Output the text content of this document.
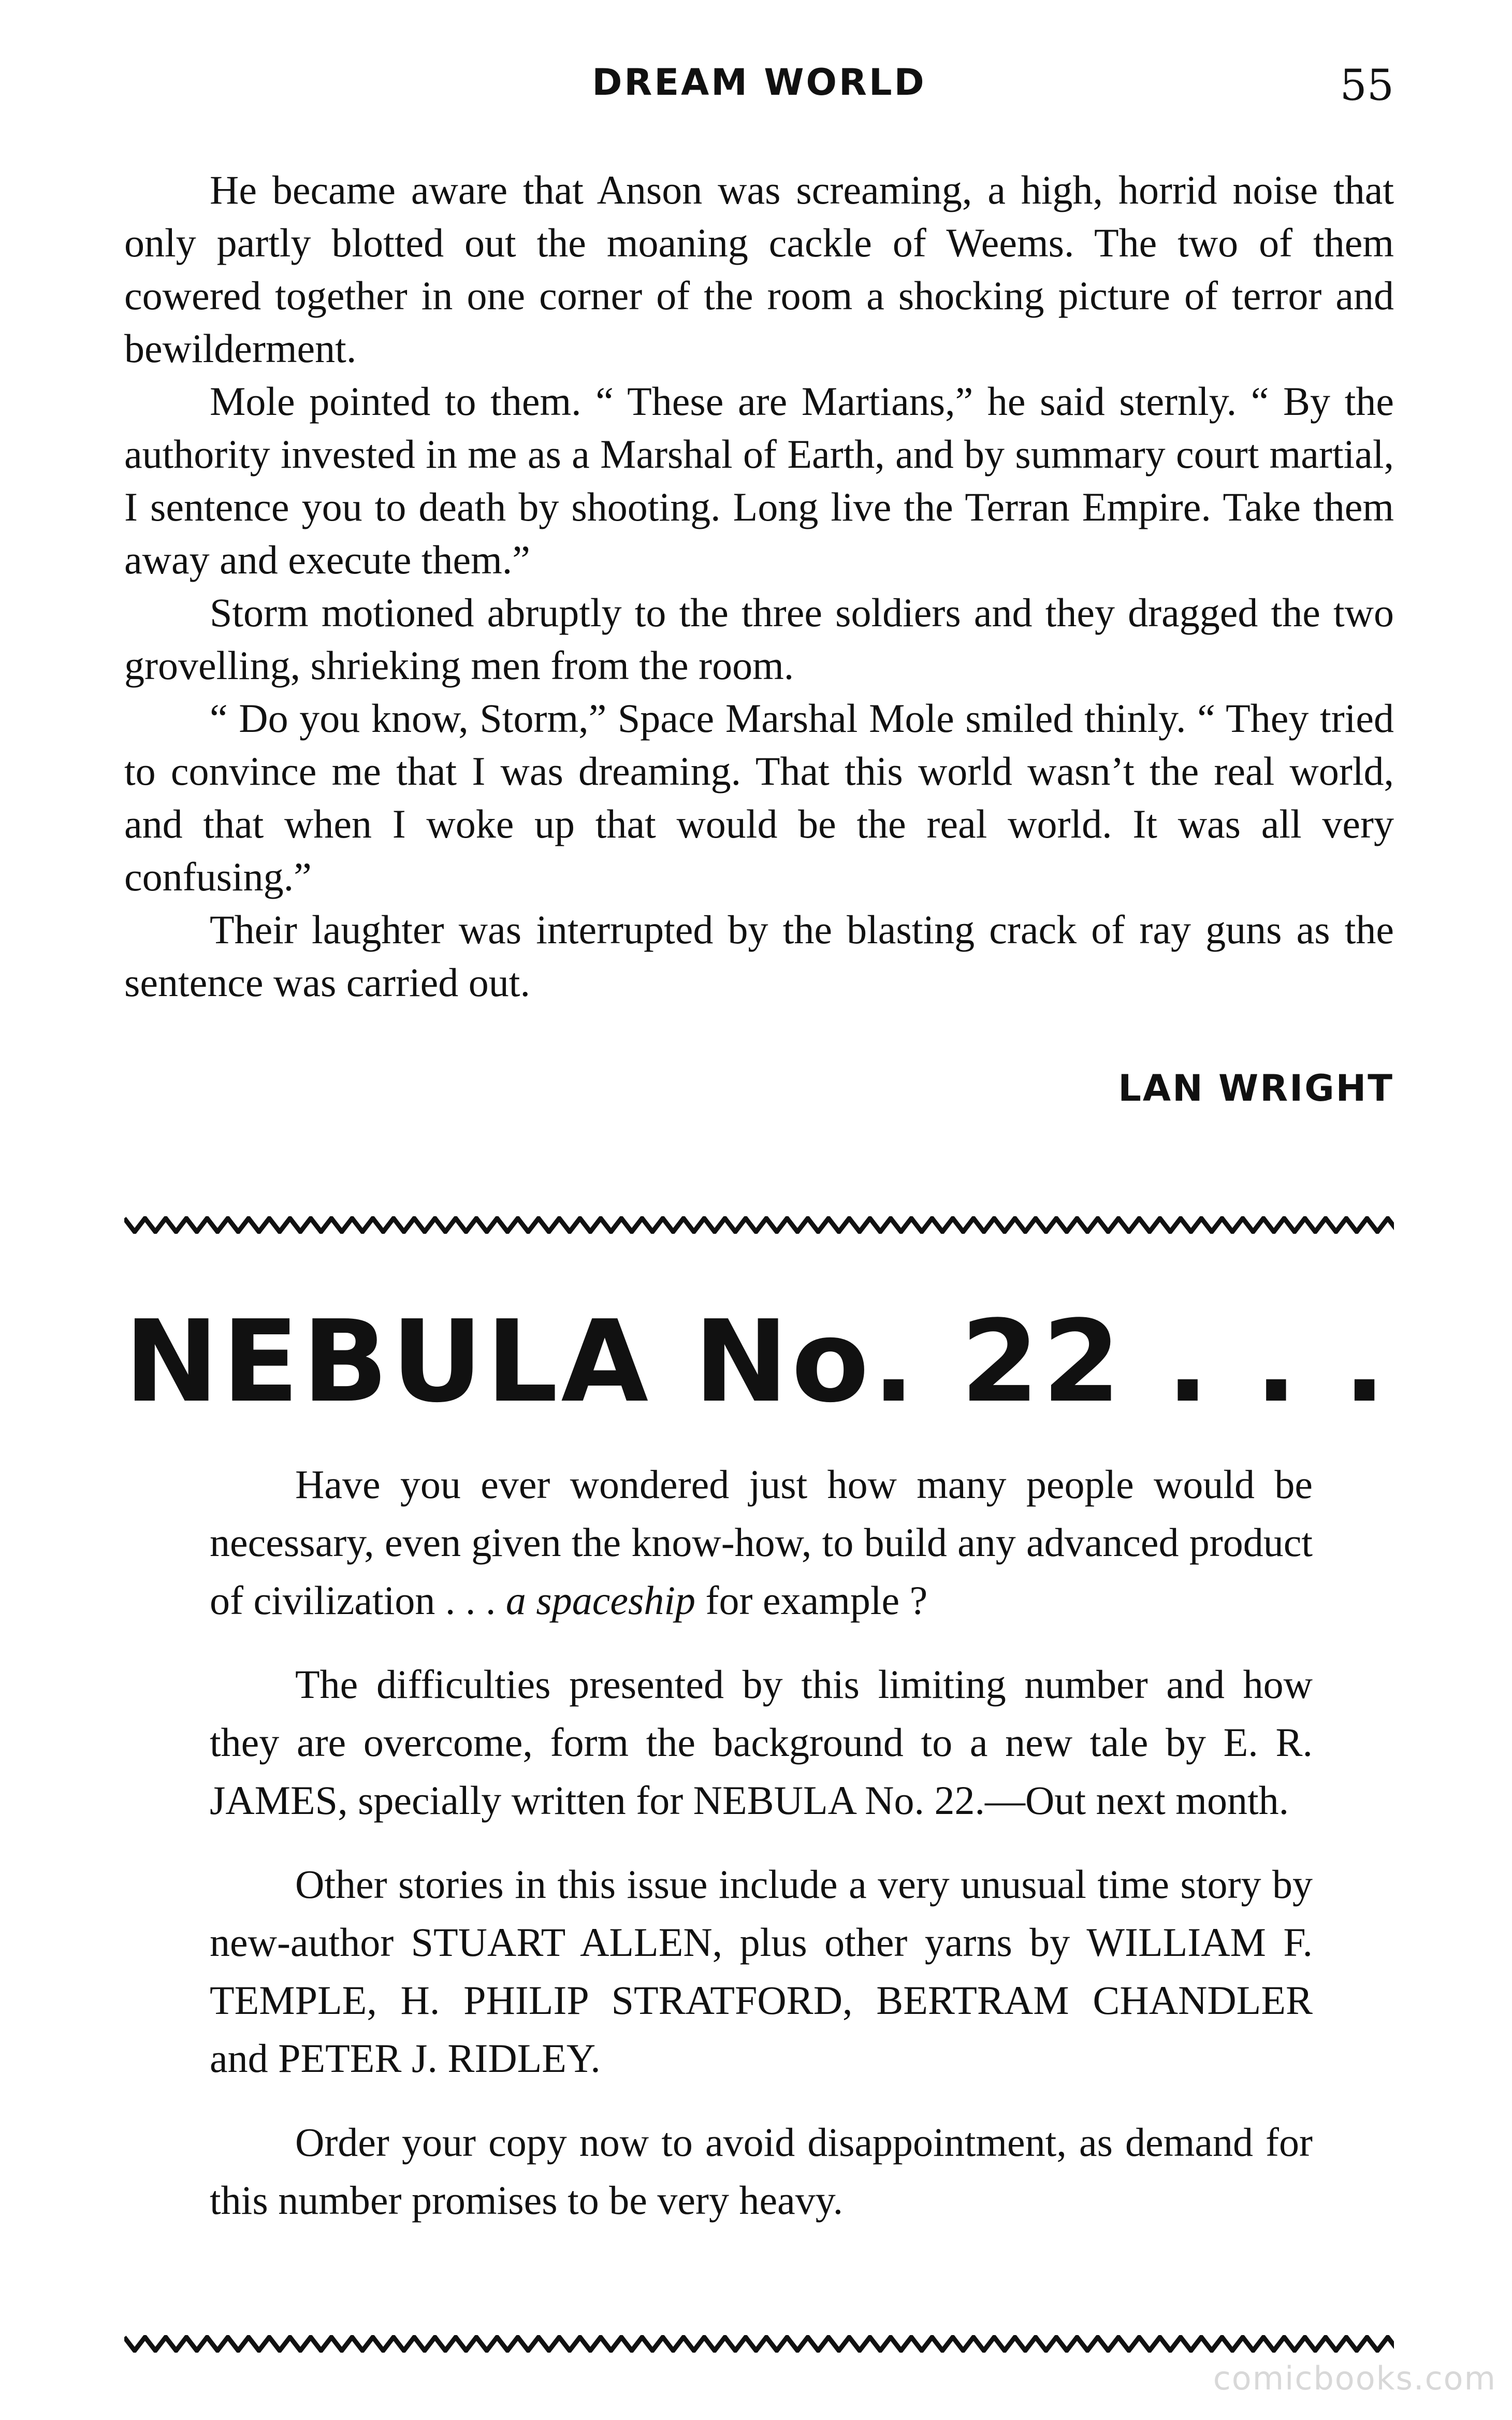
DREAM WORLD	55

He became aware that Anson was screaming, a high, horrid noise that only partly blotted out the moaning cackle of Weems. The two of them cowered together in one corner of the room a shocking picture of terror and bewilderment.

Mole pointed to them. “ These are Martians,” he said sternly. “ By the authority invested in me as a Marshal of Earth, and by summary court martial, I sentence you to death by shooting. Long live the Terran Empire. Take them away and execute them.”

Storm motioned abruptly to the three soldiers and they dragged the two grovelling, shrieking men from the room.

“ Do you know, Storm,” Space Marshal Mole smiled thinly. “ They tried to convince me that I was dreaming. That this world wasn’t the real world, and that when I woke up that would be the real world. It was all very confusing.”

Their laughter was interrupted by the blasting crack of ray guns as the sentence was carried out.

LAN WRIGHT
NEBULA No. 22 . . .

Have you ever wondered just how many people would be necessary, even given the know-how, to build any advanced product of civilization . . . a spaceship for example ?

The difficulties presented by this limiting number and how they are overcome, form the background to a new tale by E. R. JAMES, specially written for NEBULA No. 22.—Out next month.

Other stories in this issue include a very unusual time story by new-author STUART ALLEN, plus other yarns by WILLIAM F. TEMPLE, H. PHILIP STRATFORD, BERTRAM CHANDLER and PETER J. RIDLEY.

Order your copy now to avoid disappointment, as demand for this number promises to be very heavy.

comicbooks.com
